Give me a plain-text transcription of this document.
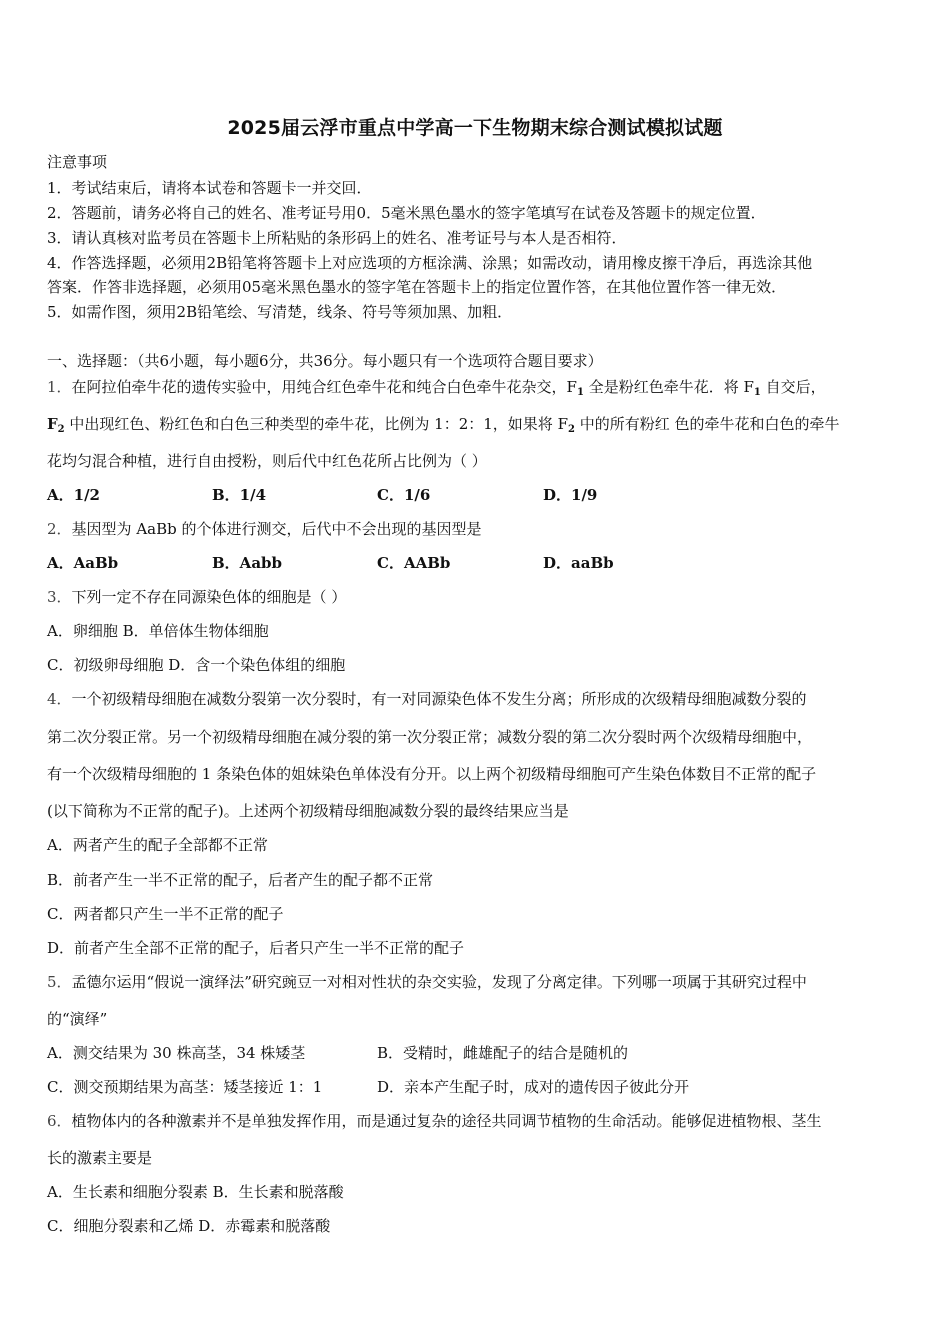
2025届云浮市重点中学高一下生物期末综合测试模拟试题
注意事项
1．考试结束后，请将本试卷和答题卡一并交回．
2．答题前，请务必将自己的姓名、准考证号用0．5毫米黑色墨水的签字笔填写在试卷及答题卡的规定位置．
3．请认真核对监考员在答题卡上所粘贴的条形码上的姓名、准考证号与本人是否相符．
4．作答选择题，必须用2B铅笔将答题卡上对应选项的方框涂满、涂黑；如需改动，请用橡皮擦干净后，再选涂其他
答案．作答非选择题，必须用05毫米黑色墨水的签字笔在答题卡上的指定位置作答，在其他位置作答一律无效．
5．如需作图，须用2B铅笔绘、写清楚，线条、符号等须加黑、加粗．
一、选择题：（共6小题，每小题6分，共36分。每小题只有一个选项符合题目要求）
1．在阿拉伯牵牛花的遗传实验中，用纯合红色牵牛花和纯合白色牵牛花杂交，$F_1$ 全是粉红色牵牛花．将 $F_1$ 自交后，
$F_2$ 中出现红色、粉红色和白色三种类型的牵牛花，比例为 1：2：1，如果将 $F_2$ 中的所有粉红 色的牵牛花和白色的牵牛
花均匀混合种植，进行自由授粉，则后代中红色花所占比例为（ ）
A．1/2	B．1/4	C．1/6	D．1/9
2．基因型为 AaBb 的个体进行测交，后代中不会出现的基因型是
A．AaBb	B．Aabb	C．AABb	D．aaBb
3．下列一定不存在同源染色体的细胞是（ ）
A．卵细胞 B．单倍体生物体细胞
C．初级卵母细胞 D．含一个染色体组的细胞
4．一个初级精母细胞在减数分裂第一次分裂时，有一对同源染色体不发生分离；所形成的次级精母细胞减数分裂的
第二次分裂正常。另一个初级精母细胞在减分裂的第一次分裂正常；减数分裂的第二次分裂时两个次级精母细胞中，
有一个次级精母细胞的 1 条染色体的姐妹染色单体没有分开。以上两个初级精母细胞可产生染色体数目不正常的配子
(以下简称为不正常的配子)。上述两个初级精母细胞减数分裂的最终结果应当是
A．两者产生的配子全部都不正常
B．前者产生一半不正常的配子，后者产生的配子都不正常
C．两者都只产生一半不正常的配子
D．前者产生全部不正常的配子，后者只产生一半不正常的配子
5．孟德尔运用“假说一演绎法”研究豌豆一对相对性状的杂交实验，发现了分离定律。下列哪一项属于其研究过程中
的“演绎”
A．测交结果为 30 株高茎，34 株矮茎	B．受精时，雌雄配子的结合是随机的
C．测交预期结果为高茎：矮茎接近 1：1	D．亲本产生配子时，成对的遗传因子彼此分开
6．植物体内的各种激素并不是单独发挥作用，而是通过复杂的途径共同调节植物的生命活动。能够促进植物根、茎生
长的激素主要是
A．生长素和细胞分裂素 B．生长素和脱落酸
C．细胞分裂素和乙烯 D．赤霉素和脱落酸
